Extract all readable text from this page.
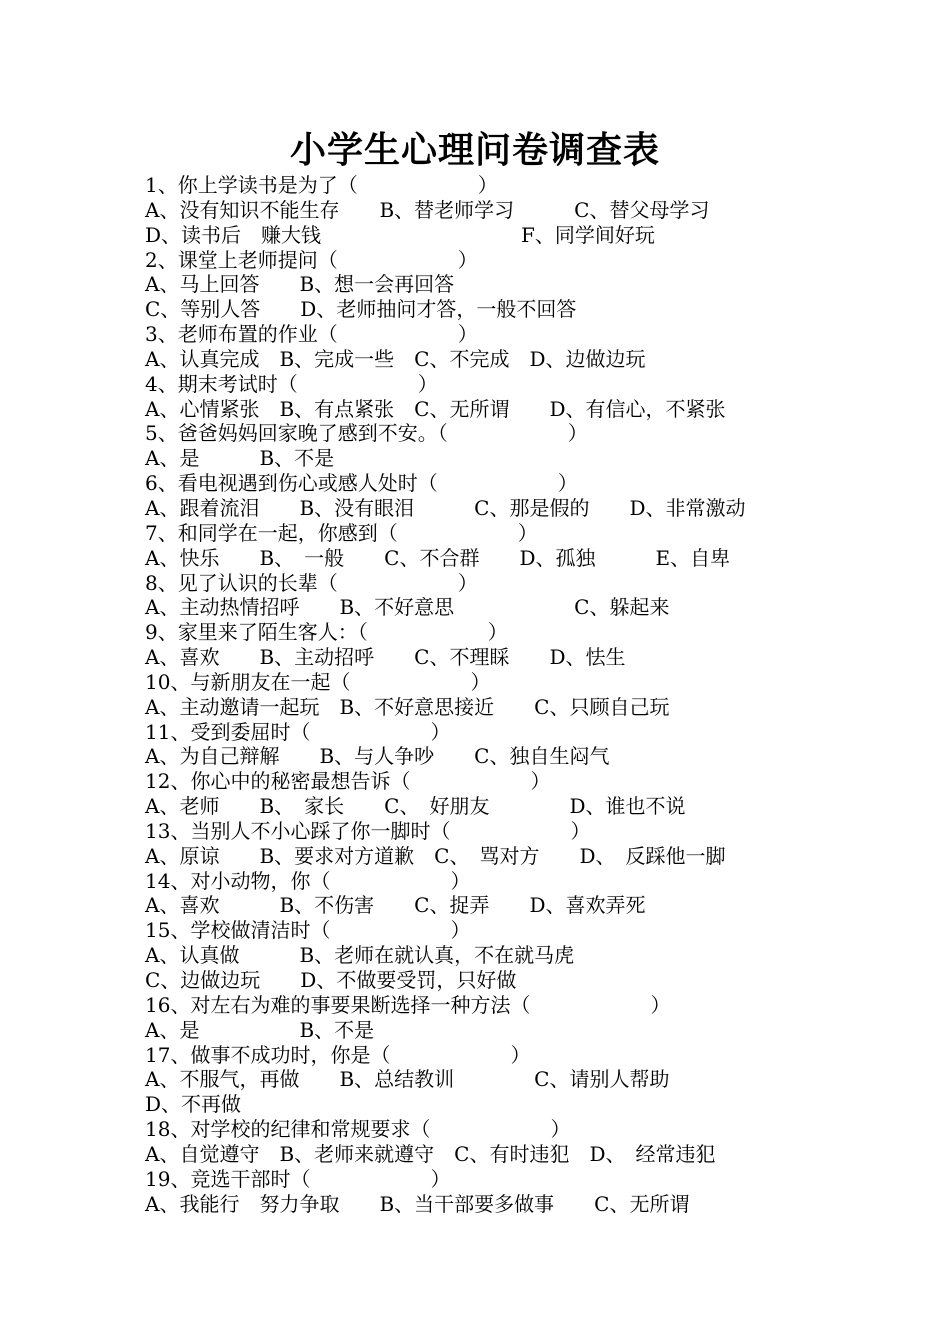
小学生心理问卷调查表
1、你上学读书是为了（　　　　　　）
A、没有知识不能生存　　B、替老师学习　　　C、替父母学习
D、读书后　赚大钱　　　　　　　　　　F、同学间好玩
2、课堂上老师提问（　　　　　　）
A、马上回答　　B、想一会再回答
C、等别人答　　D、老师抽问才答，一般不回答
3、老师布置的作业（　　　　　　）
A、认真完成　B、完成一些　C、不完成　D、边做边玩
4、期末考试时（　　　　　　）
A、心情紧张　B、有点紧张　C、无所谓　　D、有信心，不紧张
5、爸爸妈妈回家晚了感到不安。（　　　　　　）
A、是　　　B、不是
6、看电视遇到伤心或感人处时（　　　　　　）
A、跟着流泪　　B、没有眼泪　　　C、那是假的　　D、非常激动
7、和同学在一起，你感到（　　　　　　）
A、快乐　　B、　一般　　C、不合群　　D、孤独　　　E、自卑
8、见了认识的长辈（　　　　　　）
A、主动热情招呼　　B、不好意思　　　　　　C、躲起来
9、家里来了陌生客人：（　　　　　　）
A、喜欢　　B、主动招呼　　C、不理睬　　D、怯生
10、与新朋友在一起（　　　　　　）
A、主动邀请一起玩　B、不好意思接近　　C、只顾自己玩
11、受到委屈时（　　　　　　）
A、为自己辩解　　B、与人争吵　　C、独自生闷气
12、你心中的秘密最想告诉（　　　　　　）
A、老师　　B、　家长　　C、　好朋友　　　　D、谁也不说
13、当别人不小心踩了你一脚时（　　　　　　）
A、原谅　　B、要求对方道歉　C、　骂对方　　D、　反踩他一脚
14、对小动物，你（　　　　　　）
A、喜欢　　　B、不伤害　　C、捉弄　　D、喜欢弄死
15、学校做清洁时（　　　　　　）
A、认真做　　　B、老师在就认真，不在就马虎
C、边做边玩　　D、不做要受罚，只好做
16、对左右为难的事要果断选择一种方法（　　　　　　）
A、是　　　　　B、不是
17、做事不成功时，你是（　　　　　　）
A、不服气，再做　　B、总结教训　　　　C、请别人帮助
D、不再做
18、对学校的纪律和常规要求（　　　　　　）
A、自觉遵守　B、老师来就遵守　C、有时违犯　D、　经常违犯
19、竞选干部时（　　　　　　）
A、我能行　努力争取　　B、当干部要多做事　　C、无所谓
